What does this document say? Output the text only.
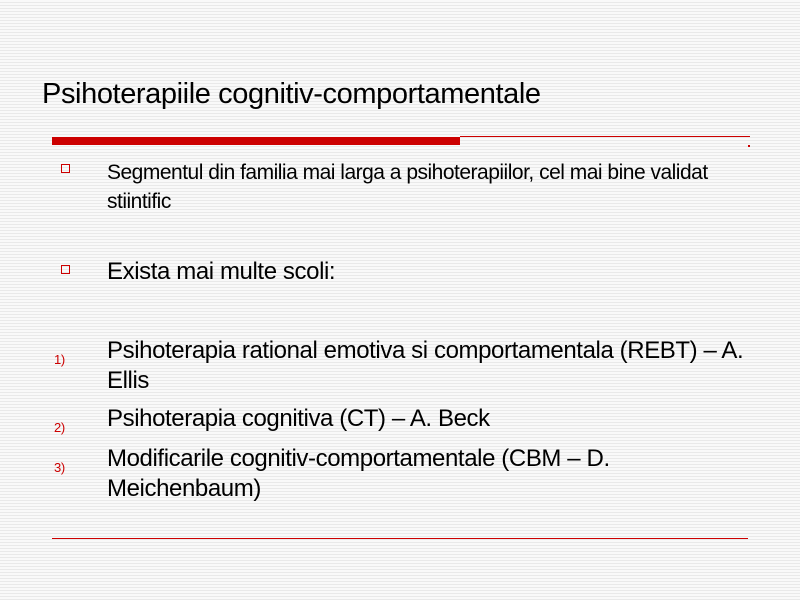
Psihoterapiile cognitiv-comportamentale

Segmentul din familia mai larga a psihoterapiilor, cel mai bine validat stiintific

Exista mai multe scoli:

1) Psihoterapia rational emotiva si comportamentala (REBT) – A. Ellis

2) Psihoterapia cognitiva (CT) – A. Beck

3) Modificarile cognitiv-comportamentale (CBM – D. Meichenbaum)
